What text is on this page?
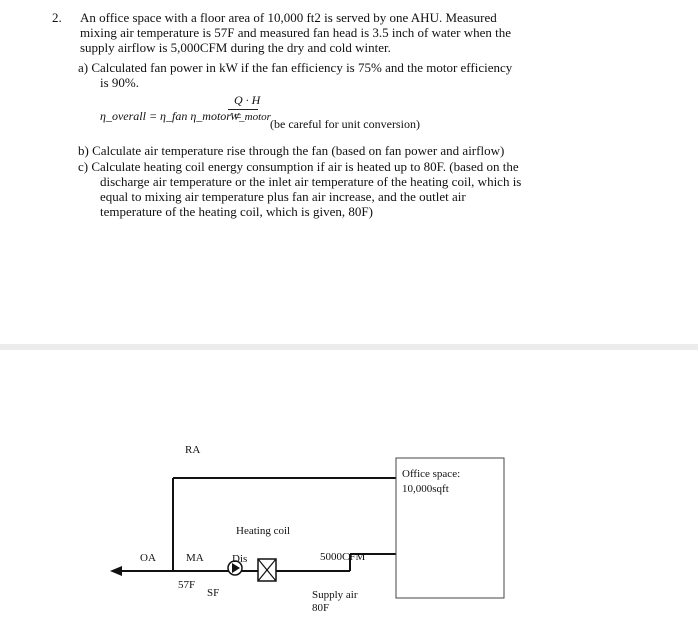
2. An office space with a floor area of 10,000 ft2 is served by one AHU. Measured
mixing air temperature is 57F and measured fan head is 3.5 inch of water when the
supply airflow is 5,000CFM during the dry and cold winter.
a) Calculated fan power in kW if the fan efficiency is 75% and the motor efficiency
is 90%.
η_overall = η_fan η_motor =
Q · H
W_motor (be careful for unit conversion)
b) Calculate air temperature rise through the fan (based on fan power and airflow)
c) Calculate heating coil energy consumption if air is heated up to 80F. (based on the
discharge air temperature or the inlet air temperature of the heating coil, which is
equal to mixing air temperature plus fan air increase, and the outlet air
temperature of the heating coil, which is given, 80F)
RA
OA	MA
57F
SF
Dis
Heating coil
5000CFM
Supply air
80F
Office space:
10,000sqft
